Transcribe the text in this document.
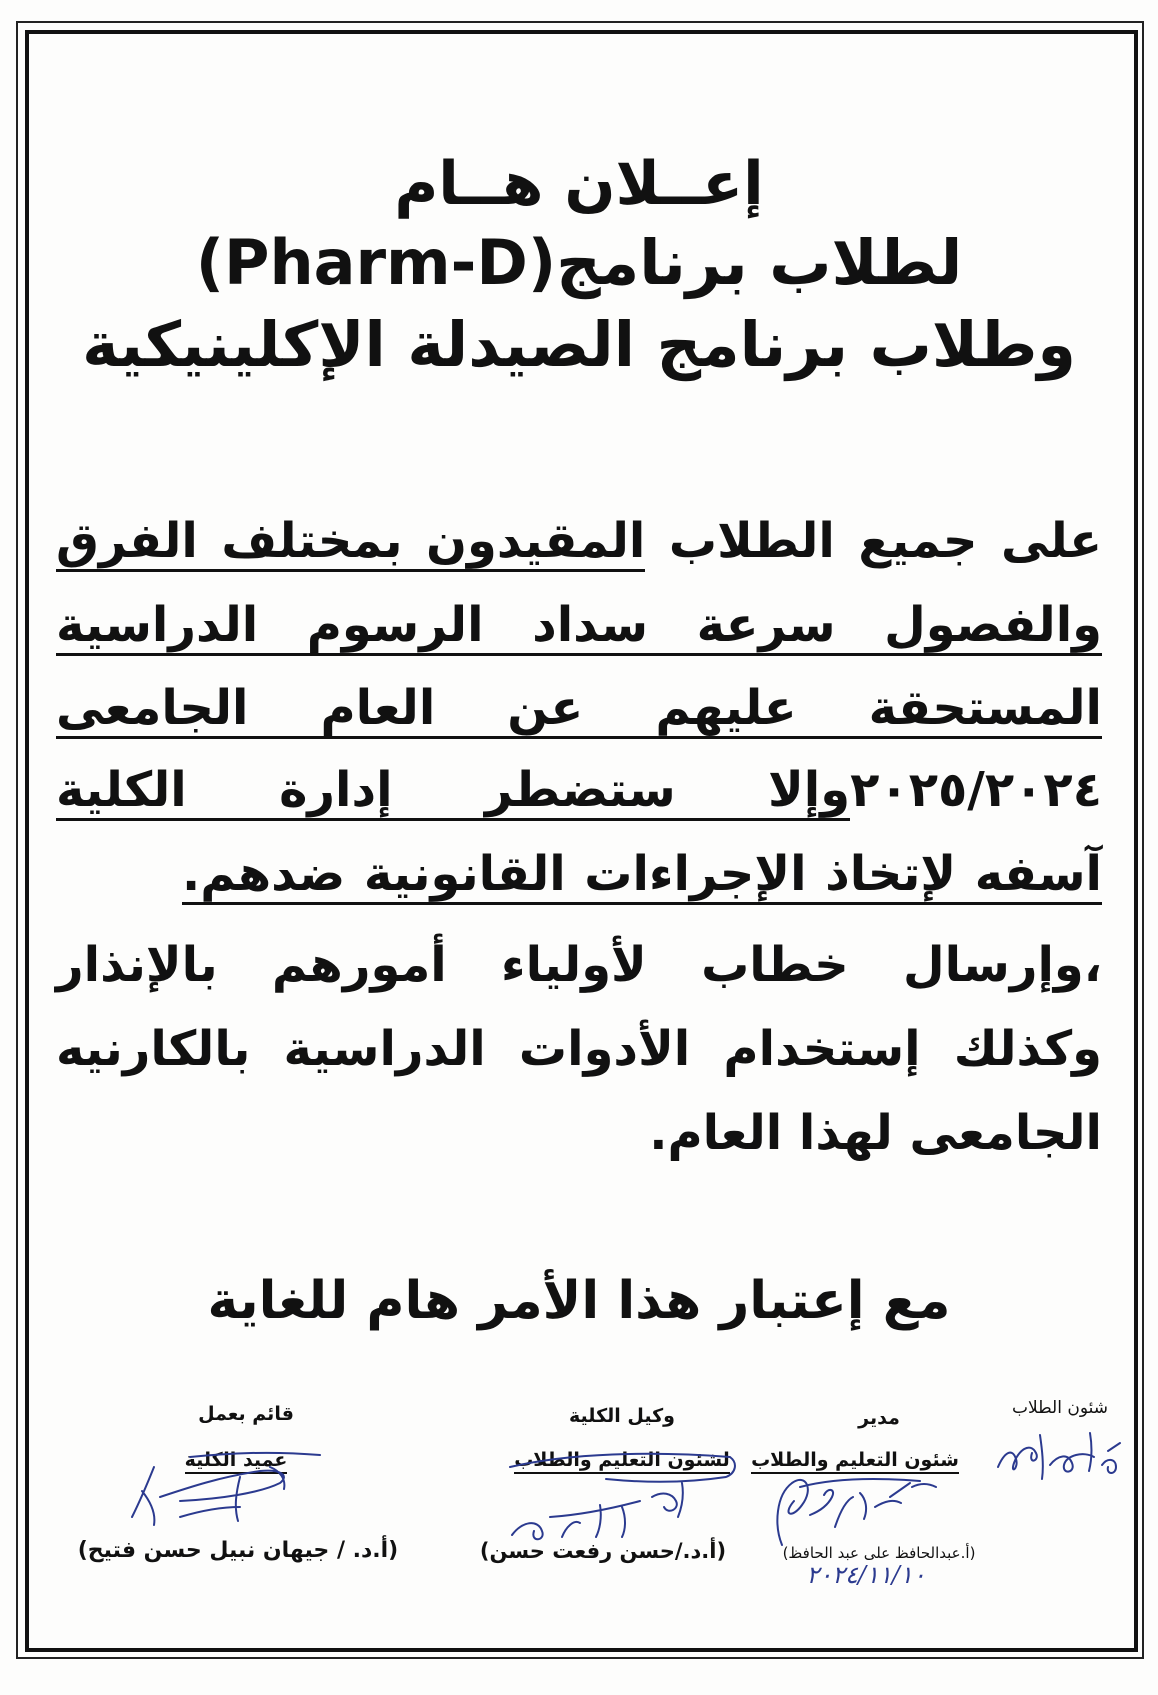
إعــلان هــام
لطلاب برنامج(Pharm-D)
وطلاب برنامج الصيدلة الإكلينيكية
على جميع الطلاب المقيدون بمختلف الفرق
والفصول سرعة سداد الرسوم الدراسية
المستحقة عليهم عن العام الجامعى
٢٠٢٥/٢٠٢٤وإلا ستضطر إدارة الكلية
آسفه لإتخاذ الإجراءات القانونية ضدهم.
،وإرسال خطاب لأولياء أمورهم بالإنذار
وكذلك إستخدام الأدوات الدراسية بالكارنيه
الجامعى لهذا العام.
مع إعتبار هذا الأمر هام للغاية
شئون الطلاب
مدير
شئون التعليم والطلاب
(أ.عبدالحافظ على عبد الحافظ)
٢٠٢٤/١١/١٠
وكيل الكلية
لشئون التعليم والطلاب
(أ.د./حسن رفعت حسن)
قائم بعمل
عميد الكلية
(أ.د. / جيهان نبيل حسن فتيح)
